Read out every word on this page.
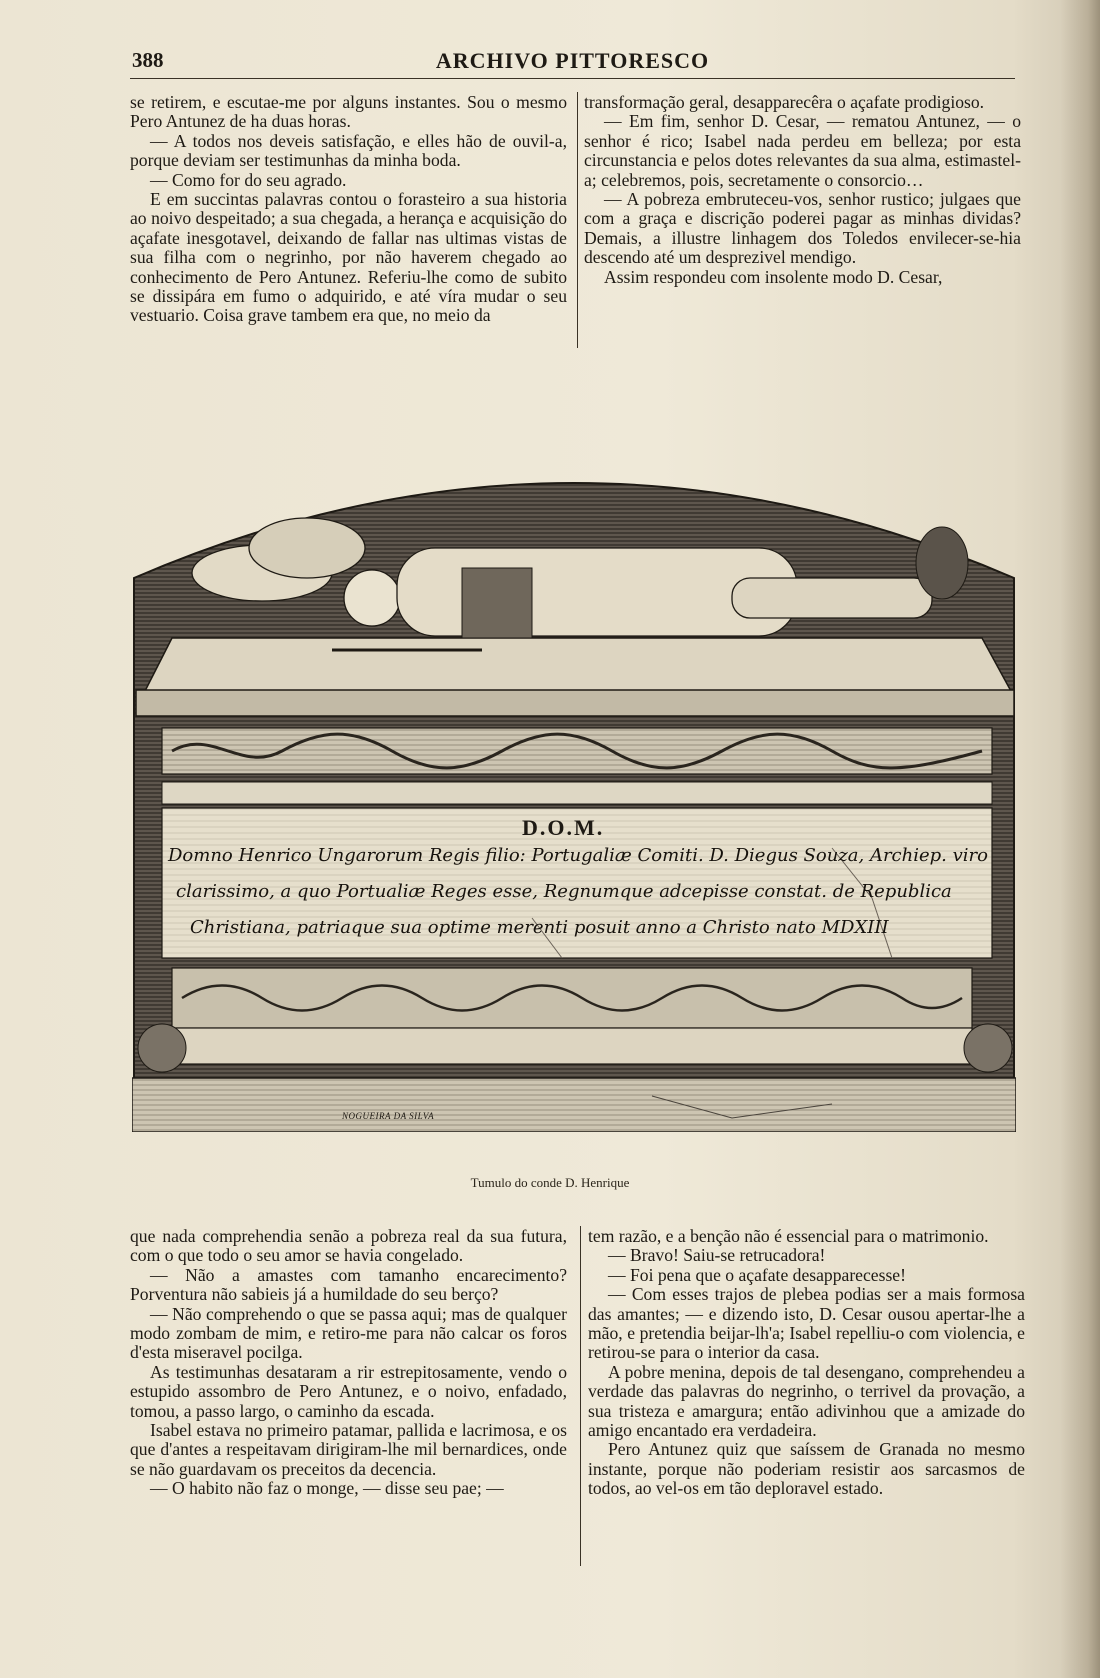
388	ARCHIVO PITTORESCO

se retirem, e escutae-me por alguns instantes. Sou o mesmo Pero Antunez de ha duas horas.

— A todos nos deveis satisfação, e elles hão de ouvil-a, porque deviam ser testimunhas da minha boda.

— Como for do seu agrado.

E em succintas palavras contou o forasteiro a sua historia ao noivo despeitado; a sua chegada, a herança e acquisição do açafate inesgotavel, deixando de fallar nas ultimas vistas de sua filha com o negrinho, por não haverem chegado ao conhecimento de Pero Antunez. Referiu-lhe como de subito se dissipára em fumo o adquirido, e até víra mudar o seu vestuario. Coisa grave tambem era que, no meio da

transformação geral, desapparecêra o açafate prodigioso.

— Em fim, senhor D. Cesar, — rematou Antunez, — o senhor é rico; Isabel nada perdeu em belleza; por esta circunstancia e pelos dotes relevantes da sua alma, estimastel-a; celebremos, pois, secretamente o consorcio…

— A pobreza embruteceu-vos, senhor rustico; julgaes que com a graça e discrição poderei pagar as minhas dividas? Demais, a illustre linhagem dos Toledos envilecer-se-hia descendo até um desprezivel mendigo.

Assim respondeu com insolente modo D. Cesar,

D.O.M.
Domno Henrico Ungarorum Regis filio: Portugaliæ Comiti. D. Diegus Souza, Archiep. viro
clarissimo, a quo Portualiæ Reges esse, Regnumque adcepisse constat. de Republica
Christiana, patriaque sua optime merenti posuit anno a Christo nato MDXIII
NOGUEIRA DA SILVA
Tumulo do conde D. Henrique

que nada comprehendia senão a pobreza real da sua futura, com o que todo o seu amor se havia congelado.

— Não a amastes com tamanho encarecimento? Porventura não sabieis já a humildade do seu berço?

— Não comprehendo o que se passa aqui; mas de qualquer modo zombam de mim, e retiro-me para não calcar os foros d'esta miseravel pocilga.

As testimunhas desataram a rir estrepitosamente, vendo o estupido assombro de Pero Antunez, e o noivo, enfadado, tomou, a passo largo, o caminho da escada.

Isabel estava no primeiro patamar, pallida e lacrimosa, e os que d'antes a respeitavam dirigiram-lhe mil bernardices, onde se não guardavam os preceitos da decencia.

— O habito não faz o monge, — disse seu pae; —

tem razão, e a benção não é essencial para o matrimonio.

— Bravo! Saiu-se retrucadora!

— Foi pena que o açafate desapparecesse!

— Com esses trajos de plebea podias ser a mais formosa das amantes; — e dizendo isto, D. Cesar ousou apertar-lhe a mão, e pretendia beijar-lh'a; Isabel repelliu-o com violencia, e retirou-se para o interior da casa.

A pobre menina, depois de tal desengano, comprehendeu a verdade das palavras do negrinho, o terrivel da provação, a sua tristeza e amargura; então adivinhou que a amizade do amigo encantado era verdadeira.

Pero Antunez quiz que saíssem de Granada no mesmo instante, porque não poderiam resistir aos sarcasmos de todos, ao vel-os em tão deploravel estado.
